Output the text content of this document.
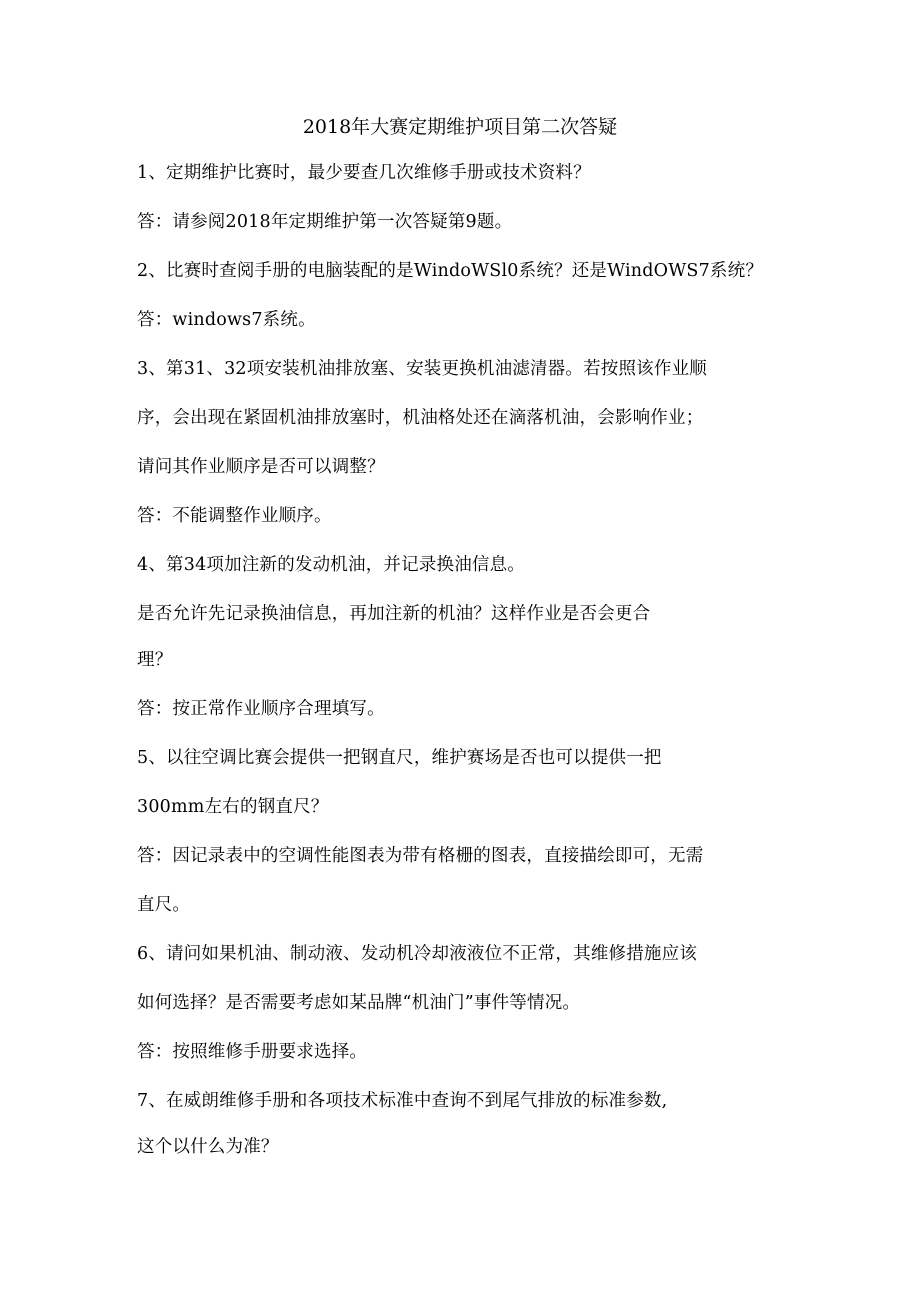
2018年大赛定期维护项目第二次答疑
1、定期维护比赛时，最少要查几次维修手册或技术资料？
答：请参阅2018年定期维护第一次答疑第9题。
2、比赛时查阅手册的电脑装配的是WindoWSl0系统？还是WindOWS7系统？
答：windows7系统。
3、第31、32项安装机油排放塞、安装更换机油滤清器。若按照该作业顺
序，会出现在紧固机油排放塞时，机油格处还在滴落机油，会影响作业；
请问其作业顺序是否可以调整？
答：不能调整作业顺序。
4、第34项加注新的发动机油，并记录换油信息。
是否允许先记录换油信息，再加注新的机油？这样作业是否会更合
理？
答：按正常作业顺序合理填写。
5、以往空调比赛会提供一把钢直尺，维护赛场是否也可以提供一把
300mm左右的钢直尺？
答：因记录表中的空调性能图表为带有格栅的图表，直接描绘即可，无需
直尺。
6、请问如果机油、制动液、发动机冷却液液位不正常，其维修措施应该
如何选择？是否需要考虑如某品牌“机油门”事件等情况。
答：按照维修手册要求选择。
7、在威朗维修手册和各项技术标准中查询不到尾气排放的标准参数,
这个以什么为准？
